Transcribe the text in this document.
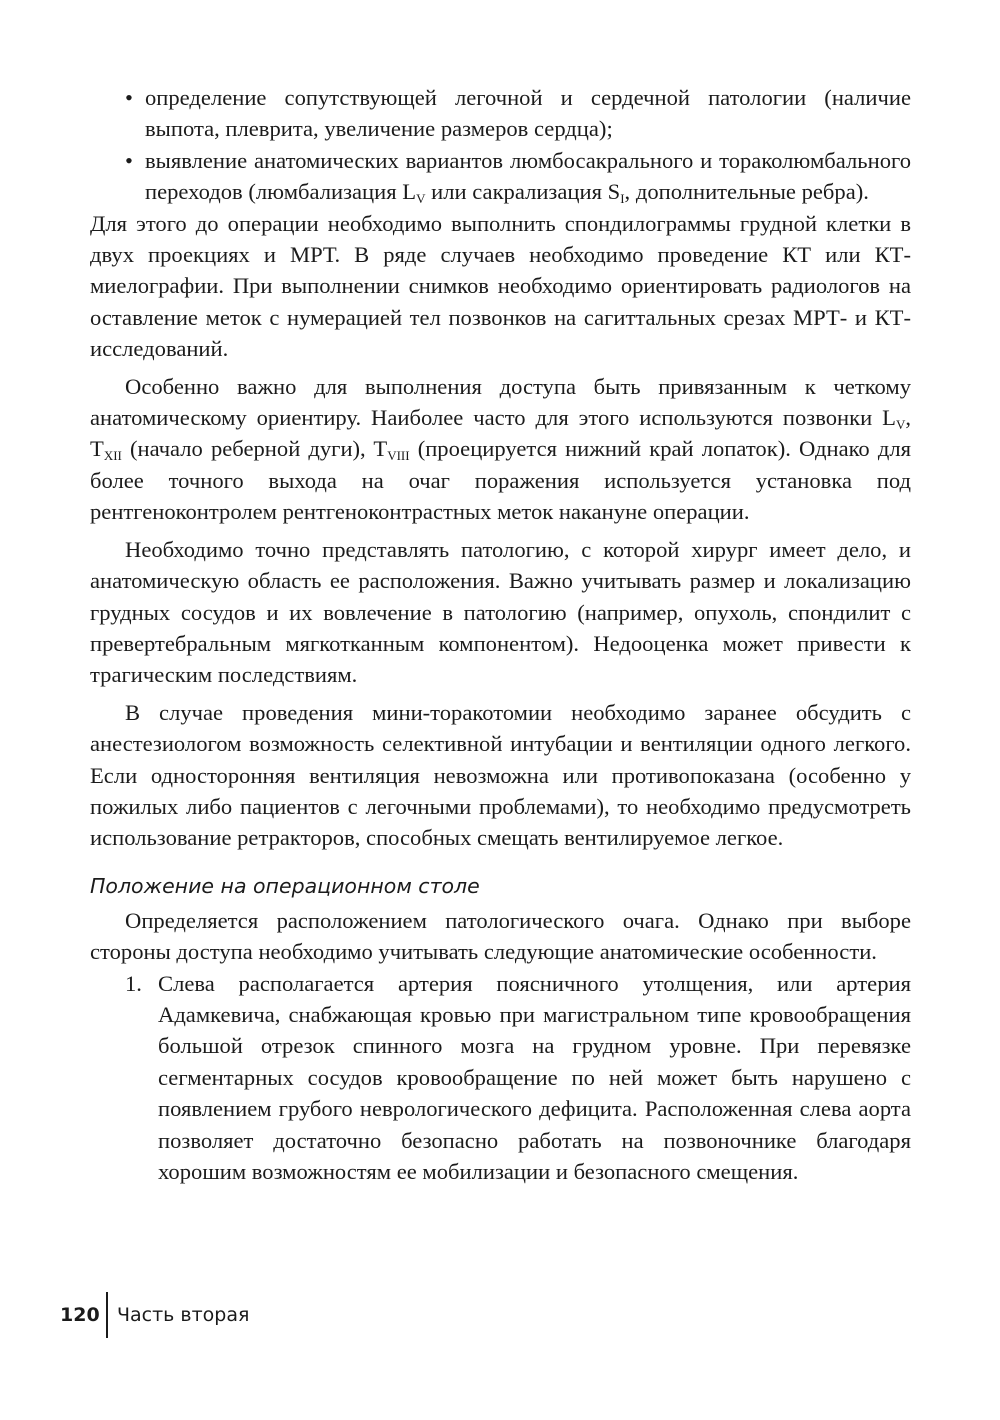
• определение сопутствующей легочной и сердечной патологии (наличие выпота, плеврита, увеличение размеров сердца);
• выявление анатомических вариантов люмбосакрального и тораколюмбального переходов (люмбализация $L_V$ или сакрализация $S_I$, дополнительные ребра).

Для этого до операции необходимо выполнить спондилограммы грудной клетки в двух проекциях и МРТ. В ряде случаев необходимо проведение КТ или КТ-миелографии. При выполнении снимков необходимо ориентировать радиологов на оставление меток с нумерацией тел позвонков на сагиттальных срезах МРТ- и КТ-исследований.

Особенно важно для выполнения доступа быть привязанным к четкому анатомическому ориентиру. Наиболее часто для этого используются позвонки $L_V$, $T_{XII}$ (начало реберной дуги), $T_{VIII}$ (проецируется нижний край лопаток). Однако для более точного выхода на очаг поражения используется установка под рентгеноконтролем рентгеноконтрастных меток накануне операции.

Необходимо точно представлять патологию, с которой хирург имеет дело, и анатомическую область ее расположения. Важно учитывать размер и локализацию грудных сосудов и их вовлечение в патологию (например, опухоль, спондилит с превертебральным мягкотканным компонентом). Недооценка может привести к трагическим последствиям.

В случае проведения мини-торакотомии необходимо заранее обсудить с анестезиологом возможность селективной интубации и вентиляции одного легкого. Если односторонняя вентиляция невозможна или противопоказана (особенно у пожилых либо пациентов с легочными проблемами), то необходимо предусмотреть использование ретракторов, способных смещать вентилируемое легкое.

Положение на операционном столе

Определяется расположением патологического очага. Однако при выборе стороны доступа необходимо учитывать следующие анатомические особенности.

1. Слева располагается артерия поясничного утолщения, или артерия Адамкевича, снабжающая кровью при магистральном типе кровообращения большой отрезок спинного мозга на грудном уровне. При перевязке сегментарных сосудов кровообращение по ней может быть нарушено с появлением грубого неврологического дефицита. Расположенная слева аорта позволяет достаточно безопасно работать на позвоночнике благодаря хорошим возможностям ее мобилизации и безопасного смещения.
120 Часть вторая
